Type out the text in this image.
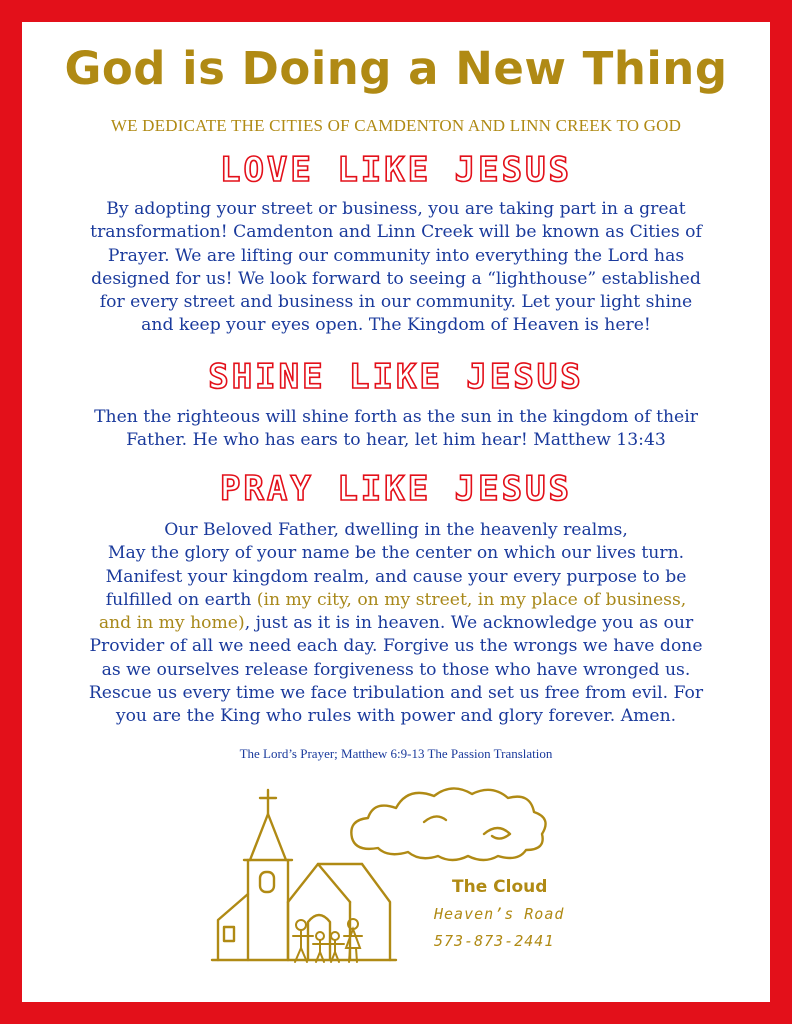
God is Doing a New Thing
WE DEDICATE THE CITIES OF CAMDENTON AND LINN CREEK TO GOD
LOVE LIKE JESUS

By adopting your street or business, you are taking part in a great

transformation! Camdenton and Linn Creek will be known as Cities of

Prayer. We are lifting our community into everything the Lord has

designed for us! We look forward to seeing a “lighthouse” established

for every street and business in our community. Let your light shine

and keep your eyes open. The Kingdom of Heaven is here!

SHINE LIKE JESUS

Then the righteous will shine forth as the sun in the kingdom of their

Father. He who has ears to hear, let him hear! Matthew 13:43

PRAY LIKE JESUS

Our Beloved Father, dwelling in the heavenly realms,

May the glory of your name be the center on which our lives turn.

Manifest your kingdom realm, and cause your every purpose to be

fulfilled on earth (in my city, on my street, in my place of business,

and in my home), just as it is in heaven. We acknowledge you as our

Provider of all we need each day. Forgive us the wrongs we have done

as we ourselves release forgiveness to those who have wronged us.

Rescue us every time we face tribulation and set us free from evil. For

you are the King who rules with power and glory forever. Amen.

The Lord’s Prayer; Matthew 6:9-13 The Passion Translation
The Cloud
Heaven’s Road
573-873-2441
